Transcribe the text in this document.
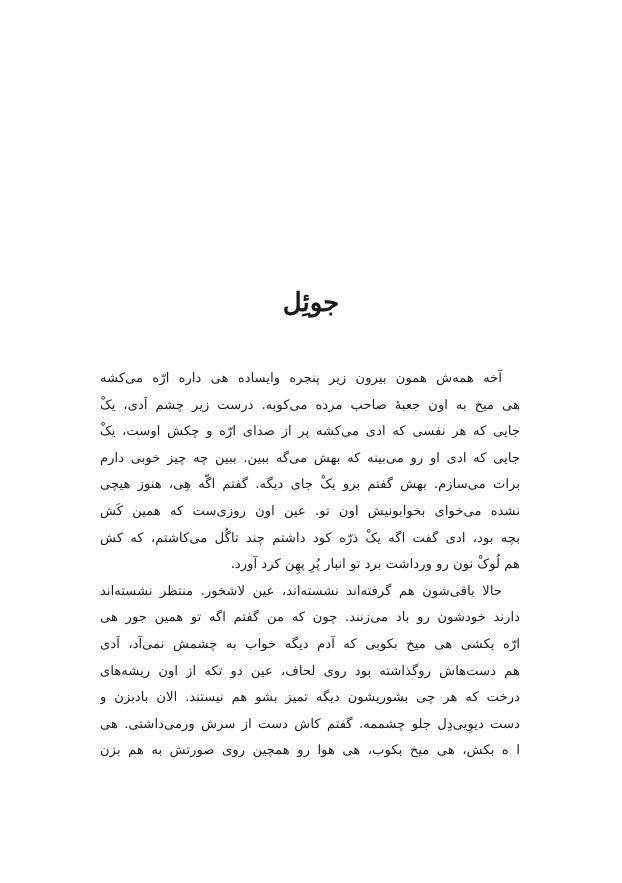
جوئِل
آخه همه‌ش همون بیرون زیر پنجره وایساده هی داره ارّه می‌کشه
هی میخ به اون جعبهٔ صاحب مرده می‌کوبه. درست زیر چشم اَدی، یکْ
جایی که هر نفسی که ادی می‌کشه پر از صدای ارّه و چکش اوست، یکْ
جایی که ادی او رو می‌بینه که بهش می‌گه ببین. ببین چه چیز خوبی دارم
برات می‌سازم. بهش گفتم برو یکْ جای دیگه. گفتم اگّه هِی، هنوز هیچی
نشده می‌خوای بخوابونیش اون تو. عین اون روزی‌ست که همین کَش
بچه بود، ادی گفت اگه یکْ ذرّه کود داشتم چند تاگُل می‌کاشتم، که کش
هم لُوکْ نون رو ورداشت برد تو انبار پُرِ پهِن کرد آورد.
حالا باقی‌شون هم گرفته‌اند نشسته‌اند، عین لاشخور. منتظر نشسته‌اند
دارند خودشون رو باد می‌زنند. چون که من گفتم اگه تو همین جور هی
ارّه بکشی هی میخ بکوبی که آدم دیگه خواب به چشمش نمی‌آد، اَدی
هم دست‌هاش روگذاشته بود روی لحاف، عین دو تکه از اون ریشه‌های
درخت که هر چی بشوریشون دیگه تمیز بشو هم نیستند. الان بادبزن و
دست دیوِیی‌دِل جلو چشممه. گفتم کاش دست از سرش ورمی‌داشتی. هی
ا‌ ه بکش، هی میخ بکوب، هی هوا رو همچین روی صورتش به هم بزن
